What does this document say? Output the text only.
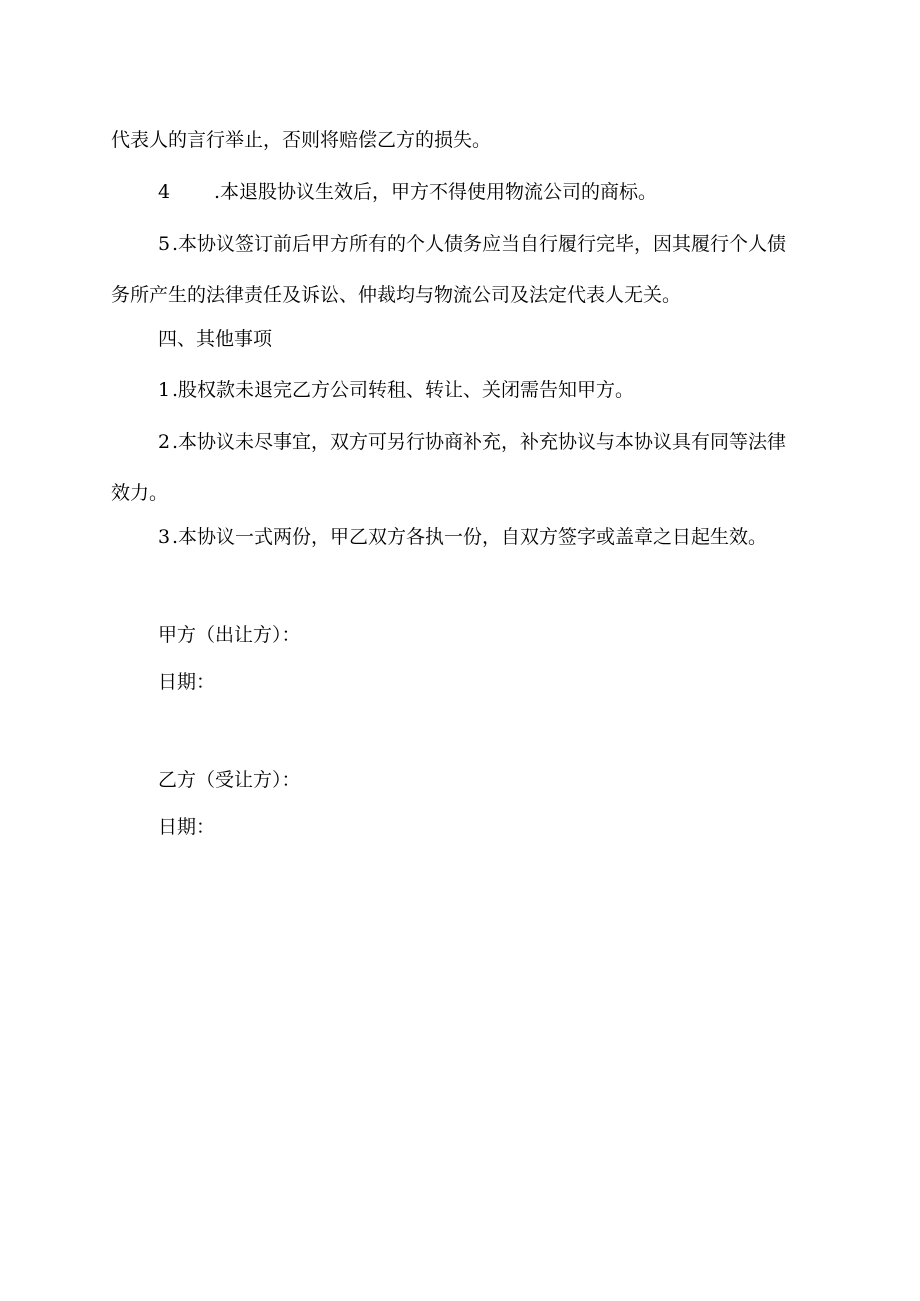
代表人的言行举止，否则将赔偿乙方的损失。
4 .本退股协议生效后，甲方不得使用物流公司的商标。
5 .本协议签订前后甲方所有的个人债务应当自行履行完毕，因其履行个人债
务所产生的法律责任及诉讼、仲裁均与物流公司及法定代表人无关。
四、其他事项
1 .股权款未退完乙方公司转租、转让、关闭需告知甲方。
2 .本协议未尽事宜，双方可另行协商补充，补充协议与本协议具有同等法律
效力。
3 .本协议一式两份，甲乙双方各执一份，自双方签字或盖章之日起生效。
甲方（出让方）：
日期：
乙方（受让方）：
日期：
